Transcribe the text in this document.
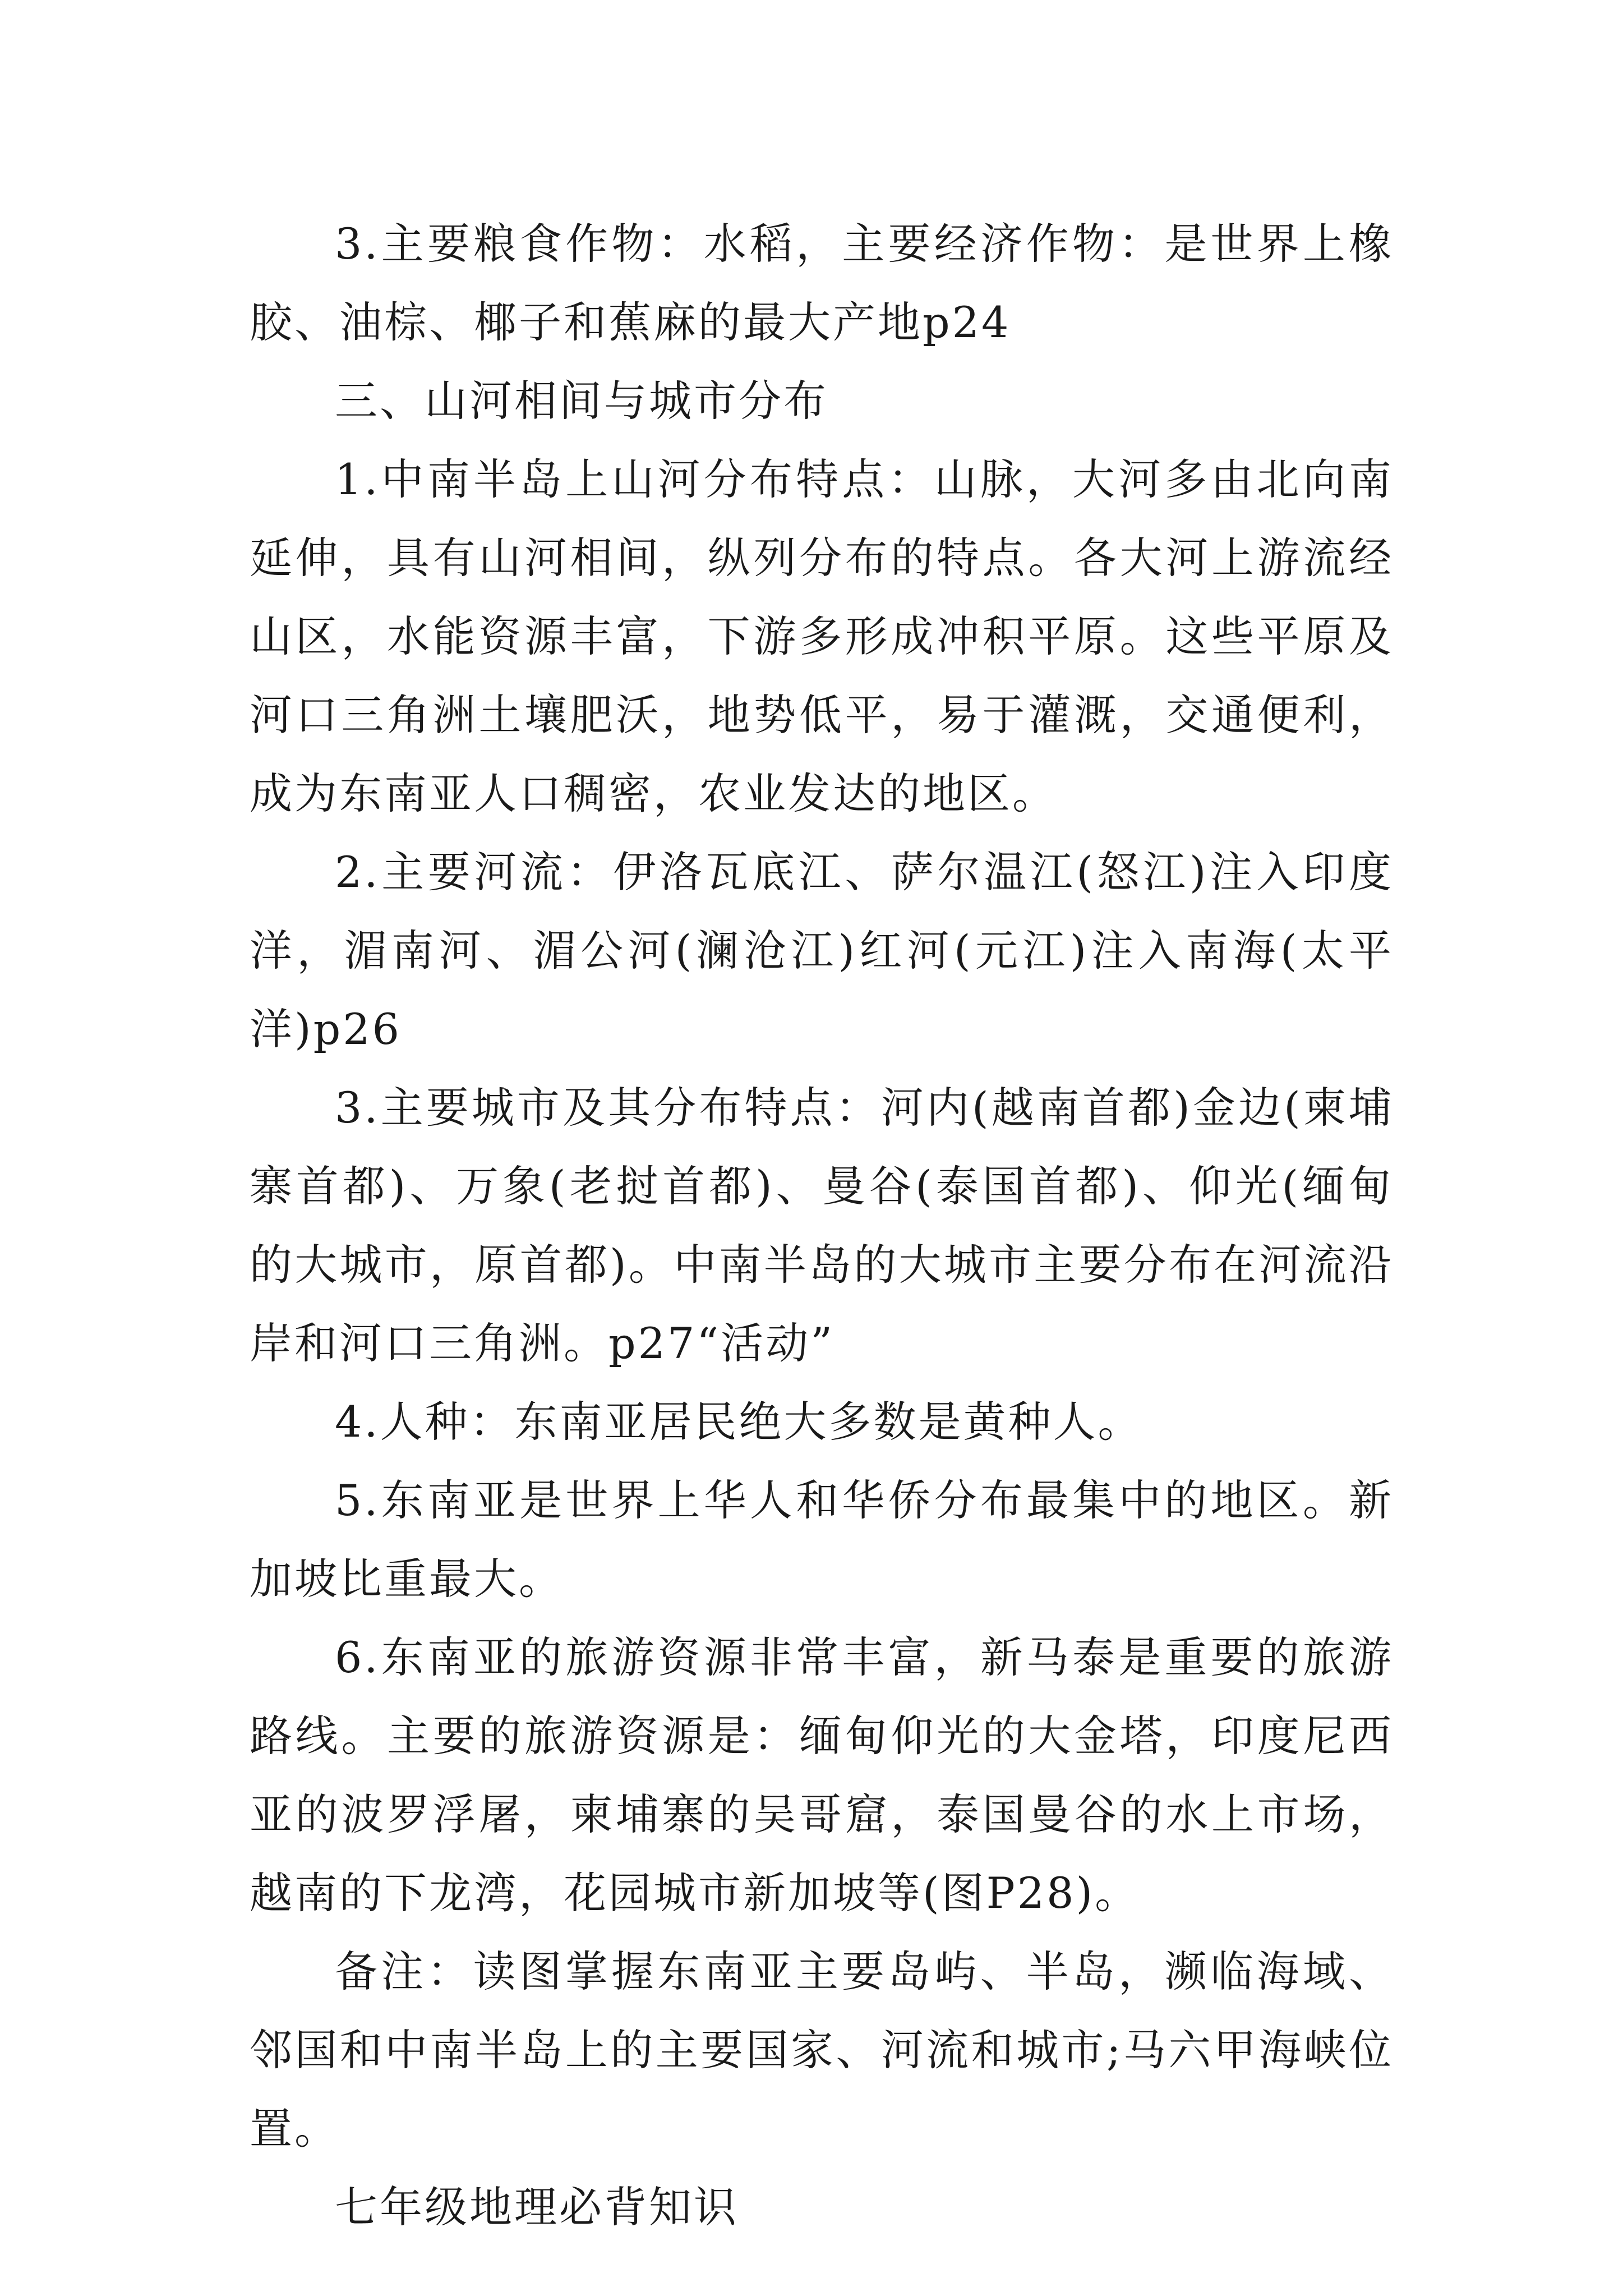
3.主要粮食作物：水稻，主要经济作物：是世界上橡胶、油棕、椰子和蕉麻的最大产地p24

三、山河相间与城市分布

1.中南半岛上山河分布特点：山脉，大河多由北向南延伸，具有山河相间，纵列分布的特点。各大河上游流经山区，水能资源丰富，下游多形成冲积平原。这些平原及河口三角洲土壤肥沃，地势低平，易于灌溉，交通便利，成为东南亚人口稠密，农业发达的地区。

2.主要河流：伊洛瓦底江、萨尔温江(怒江)注入印度洋，湄南河、湄公河(澜沧江)红河(元江)注入南海(太平洋)p26

3.主要城市及其分布特点：河内(越南首都)金边(柬埔寨首都)、万象(老挝首都)、曼谷(泰国首都)、仰光(缅甸的大城市，原首都)。中南半岛的大城市主要分布在河流沿岸和河口三角洲。p27“活动”

4.人种：东南亚居民绝大多数是黄种人。

5.东南亚是世界上华人和华侨分布最集中的地区。新加坡比重最大。

6.东南亚的旅游资源非常丰富，新马泰是重要的旅游路线。主要的旅游资源是：缅甸仰光的大金塔，印度尼西亚的波罗浮屠，柬埔寨的吴哥窟，泰国曼谷的水上市场，越南的下龙湾，花园城市新加坡等(图P28)。

备注：读图掌握东南亚主要岛屿、半岛，濒临海域、邻国和中南半岛上的主要国家、河流和城市;马六甲海峡位置。

七年级地理必背知识
